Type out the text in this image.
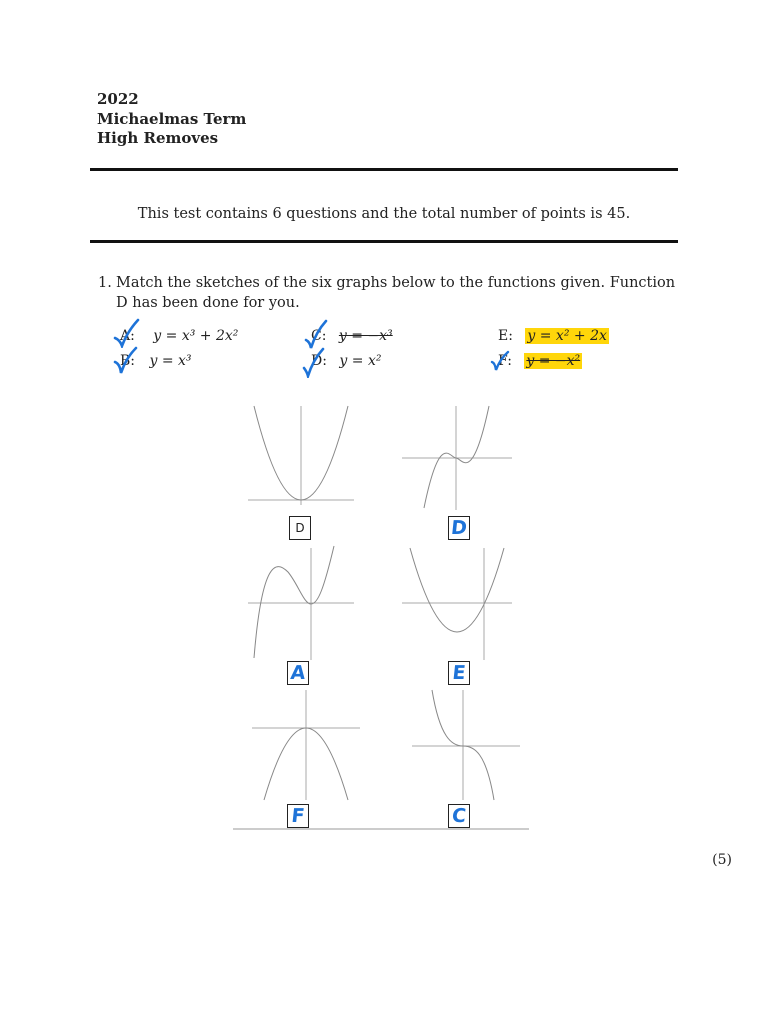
2022
Michaelmas Term
High Removes
This test contains 6 questions and the total number of points is 45.
1. Match the sketches of the six graphs below to the functions given. Function D has been done for you.
A: y = x³ + 2x²
B: y = x³
C: y = −x³
D: y = x²
E: y = x² + 2x
F: y = −x²
D	D
A	E
F	C
(5)
